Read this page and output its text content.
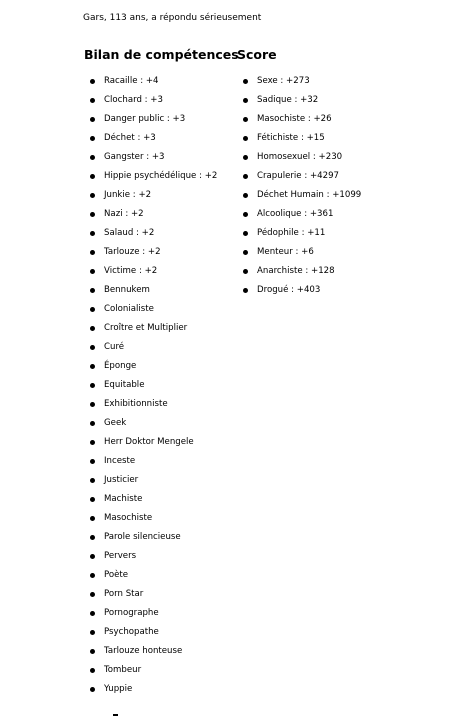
Gars, 113 ans, a répondu sérieusement
Bilan de compétences
Racaille : +4
Clochard : +3
Danger public : +3
Déchet : +3
Gangster : +3
Hippie psychédélique : +2
Junkie : +2
Nazi : +2
Salaud : +2
Tarlouze : +2
Victime : +2
Bennukem
Colonialiste
Croître et Multiplier
Curé
Éponge
Equitable
Exhibitionniste
Geek
Herr Doktor Mengele
Inceste
Justicier
Machiste
Masochiste
Parole silencieuse
Pervers
Poète
Porn Star
Pornographe
Psychopathe
Tarlouze honteuse
Tombeur
Yuppie
Score
Sexe : +273
Sadique : +32
Masochiste : +26
Fétichiste : +15
Homosexuel : +230
Crapulerie : +4297
Déchet Humain : +1099
Alcoolique : +361
Pédophile : +11
Menteur : +6
Anarchiste : +128
Drogué : +403
